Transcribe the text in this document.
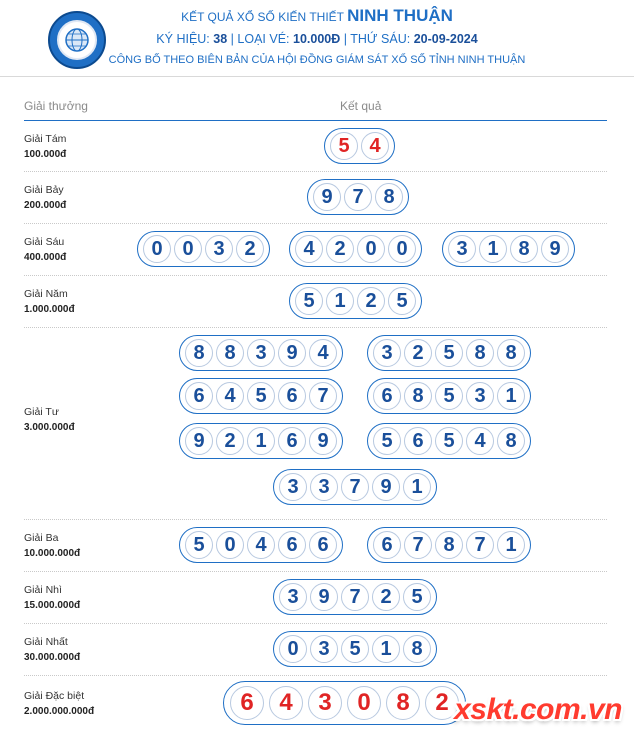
KẾT QUẢ XỔ SỐ KIẾN THIẾT NINH THUẬN
KÝ HIỆU: 38 | LOẠI VÉ: 10.000Đ | THỨ SÁU: 20-09-2024
CÔNG BỐ THEO BIÊN BẢN CỦA HỘI ĐỒNG GIÁM SÁT XỔ SỐ TỈNH NINH THUẬN
Giải thưởng	Kết quả
Giải Tám
100.000đ	5 4
Giải Bảy
200.000đ	9 7 8
Giải Sáu
400.000đ	0 0 3 2	4 2 0 0	3 1 8 9
Giải Năm
1.000.000đ	5 1 2 5
Giải Tư
3.000.000đ
8 8 3 9 4	3 2 5 8 8
6 4 5 6 7	6 8 5 3 1
9 2 1 6 9	5 6 5 4 8
3 3 7 9 1
Giải Ba
10.000.000đ	5 0 4 6 6	6 7 8 7 1
Giải Nhì
15.000.000đ	3 9 7 2 5
Giải Nhất
30.000.000đ	0 3 5 1 8
Giải Đặc biệt
2.000.000.000đ	6	4	3	0	8	2 xskt.com.vn
